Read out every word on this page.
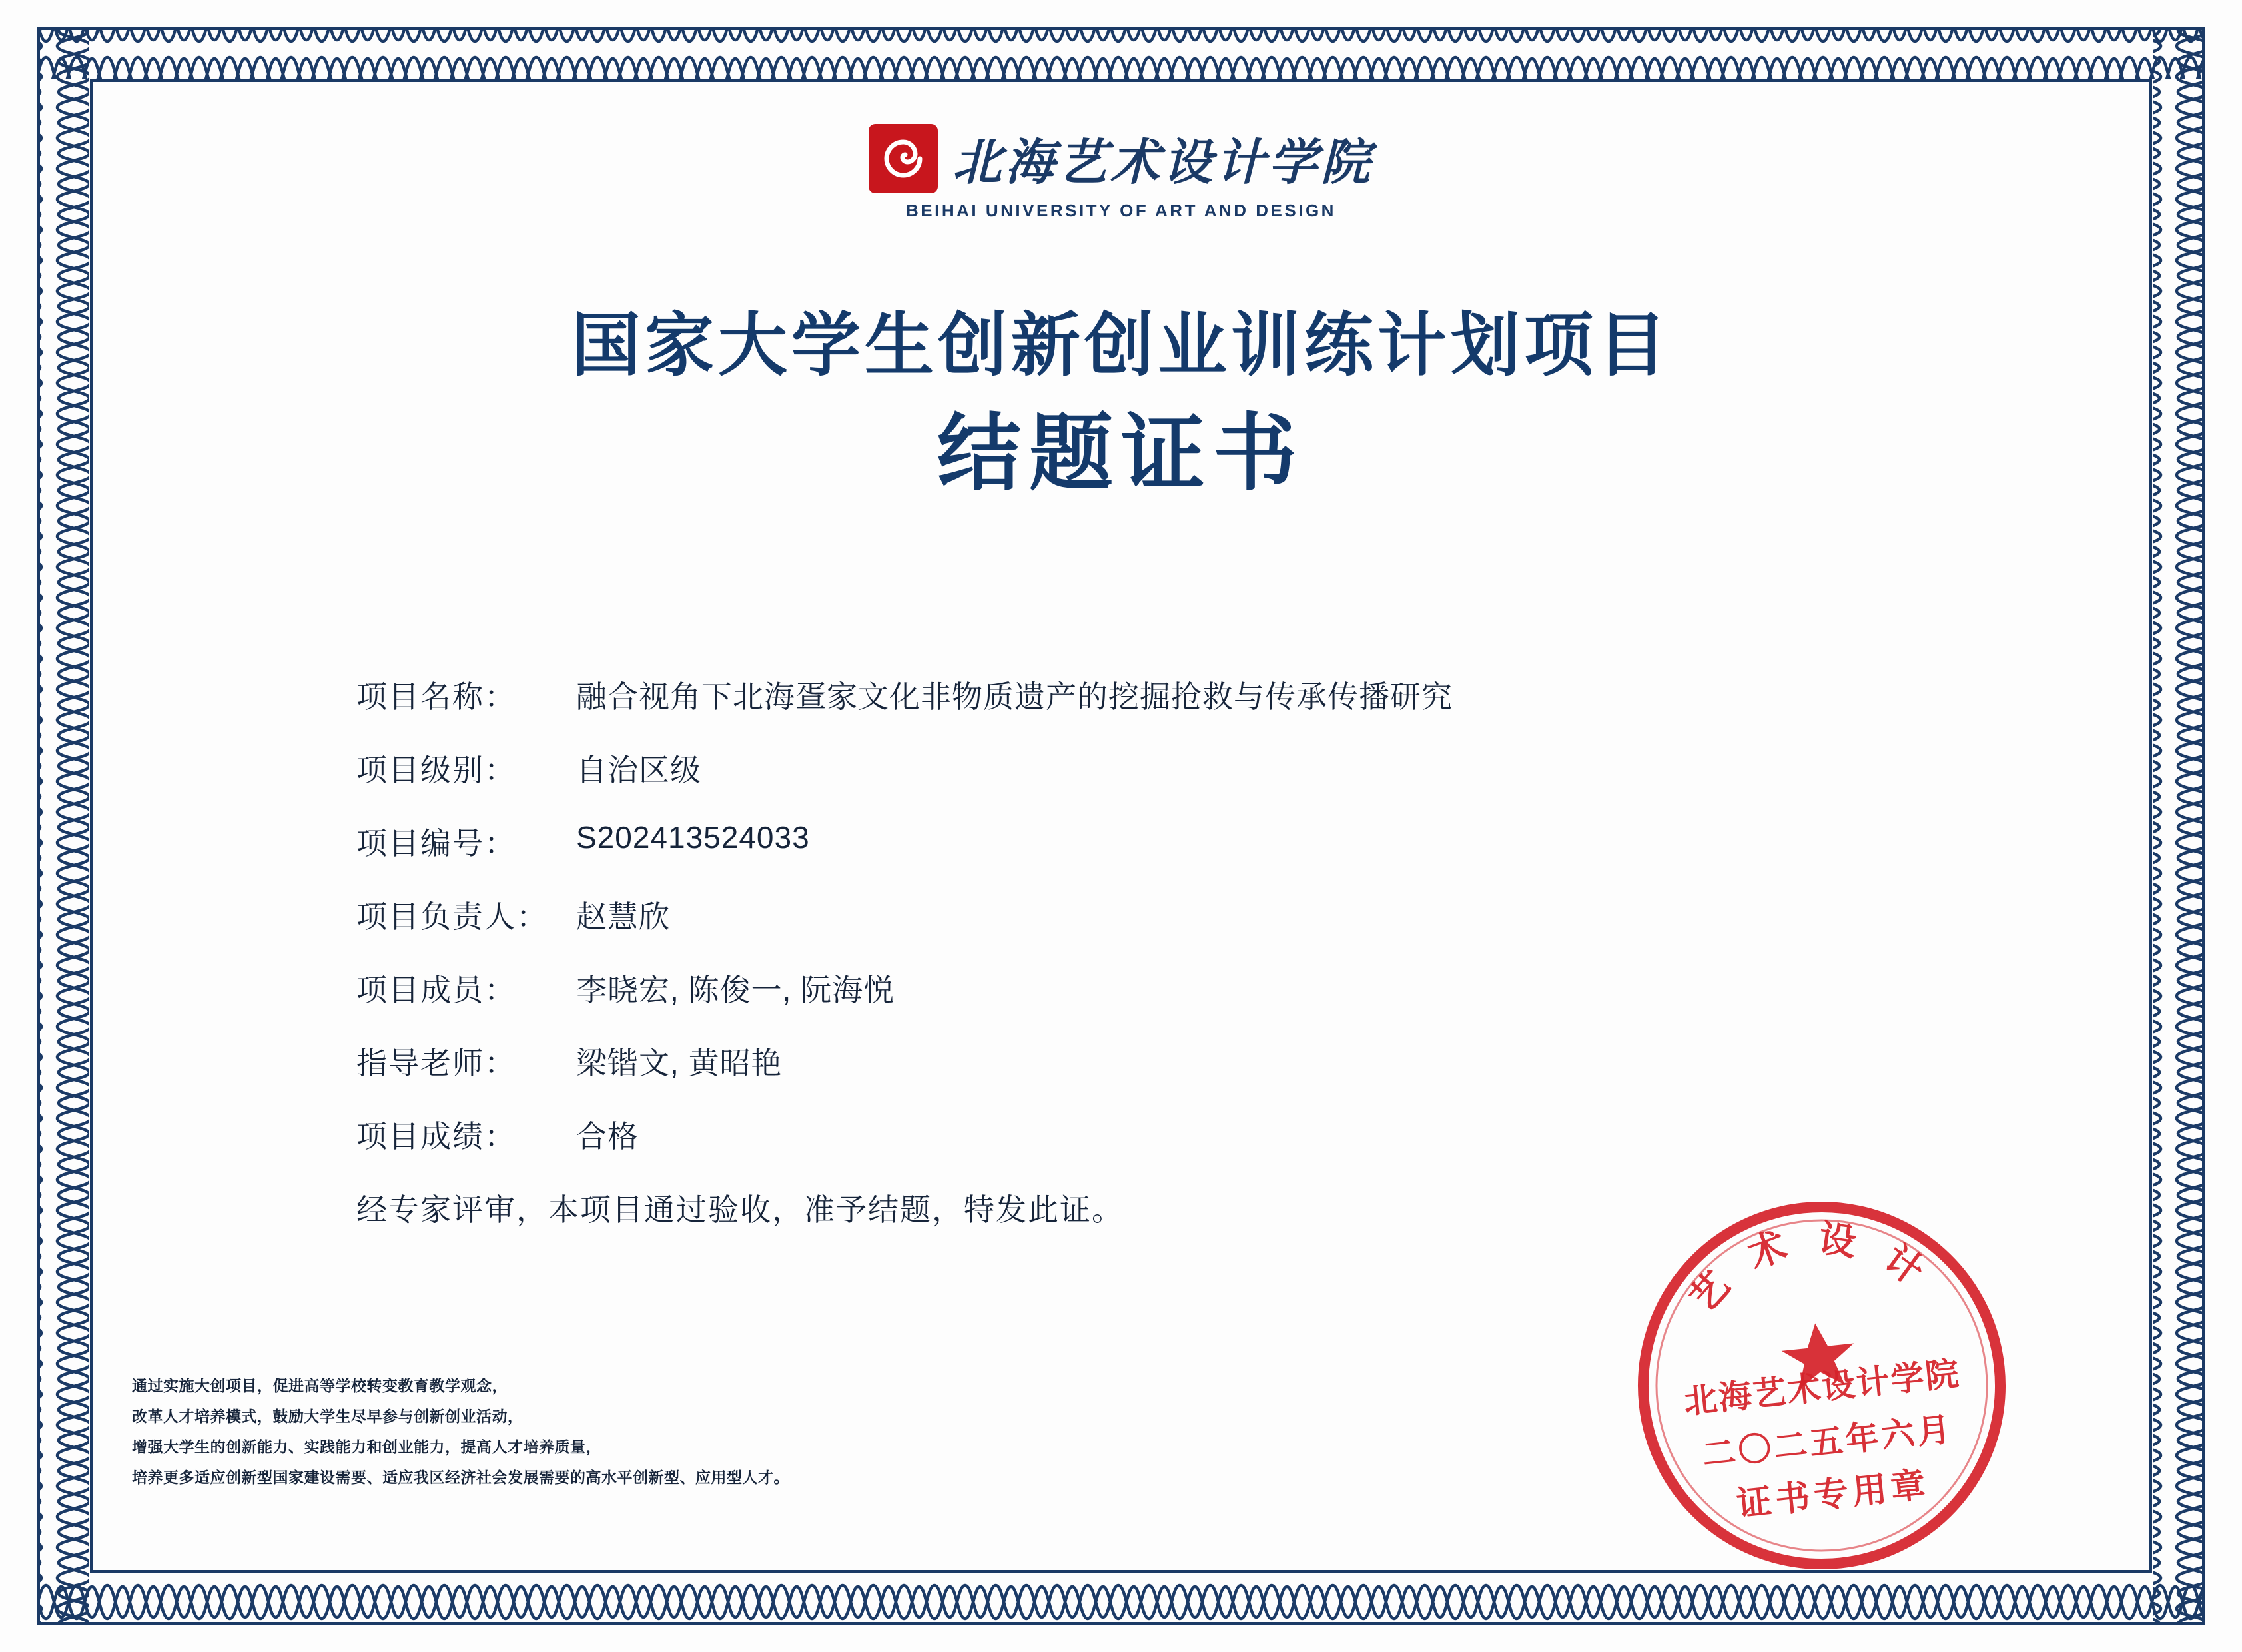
北海艺术设计学院
BEIHAI UNIVERSITY OF ART AND DESIGN
国家大学生创新创业训练计划项目
结题证书
项目名称：	融合视角下北海疍家文化非物质遗产的挖掘抢救与传承传播研究
项目级别：	自治区级
项目编号：	S202413524033
项目负责人： 赵慧欣
项目成员：	李晓宏, 陈俊一, 阮海悦
指导老师：	梁锴文, 黄昭艳
项目成绩：	合格
经专家评审，本项目通过验收，准予结题，特发此证。
通过实施大创项目，促进高等学校转变教育教学观念，
改革人才培养模式，鼓励大学生尽早参与创新创业活动，
增强大学生的创新能力、实践能力和创业能力，提高人才培养质量，
培养更多适应创新型国家建设需要、适应我区经济社会发展需要的高水平创新型、应用型人才。
艺 术 设 计
北海艺术设计学院
二〇二五年六月
证书专用章
